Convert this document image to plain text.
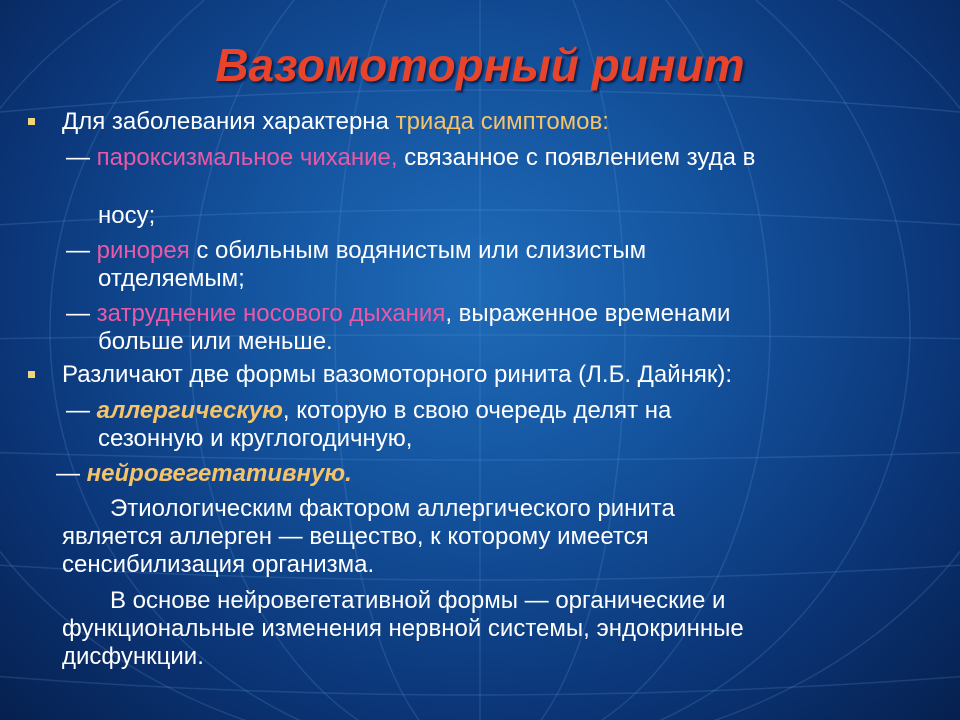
Вазомоторный ринит

Для заболевания характерна триада симптомов:

— пароксизмальное чихание, связанное с появлением зуда в

носу;

— ринорея с обильным водянистым или слизистым

отделяемым;

— затруднение носового дыхания, выраженное временами

больше или меньше.

Различают две формы вазомоторного ринита (Л.Б. Дайняк):

— аллергическую, которую в свою очередь делят на

сезонную и круглогодичную,

— нейровегетативную.

Этиологическим фактором аллергического ринита

является аллерген — вещество, к которому имеется

сенсибилизация организма.

В основе нейровегетативной формы — органические и

функциональные изменения нервной системы, эндокринные

дисфункции.
